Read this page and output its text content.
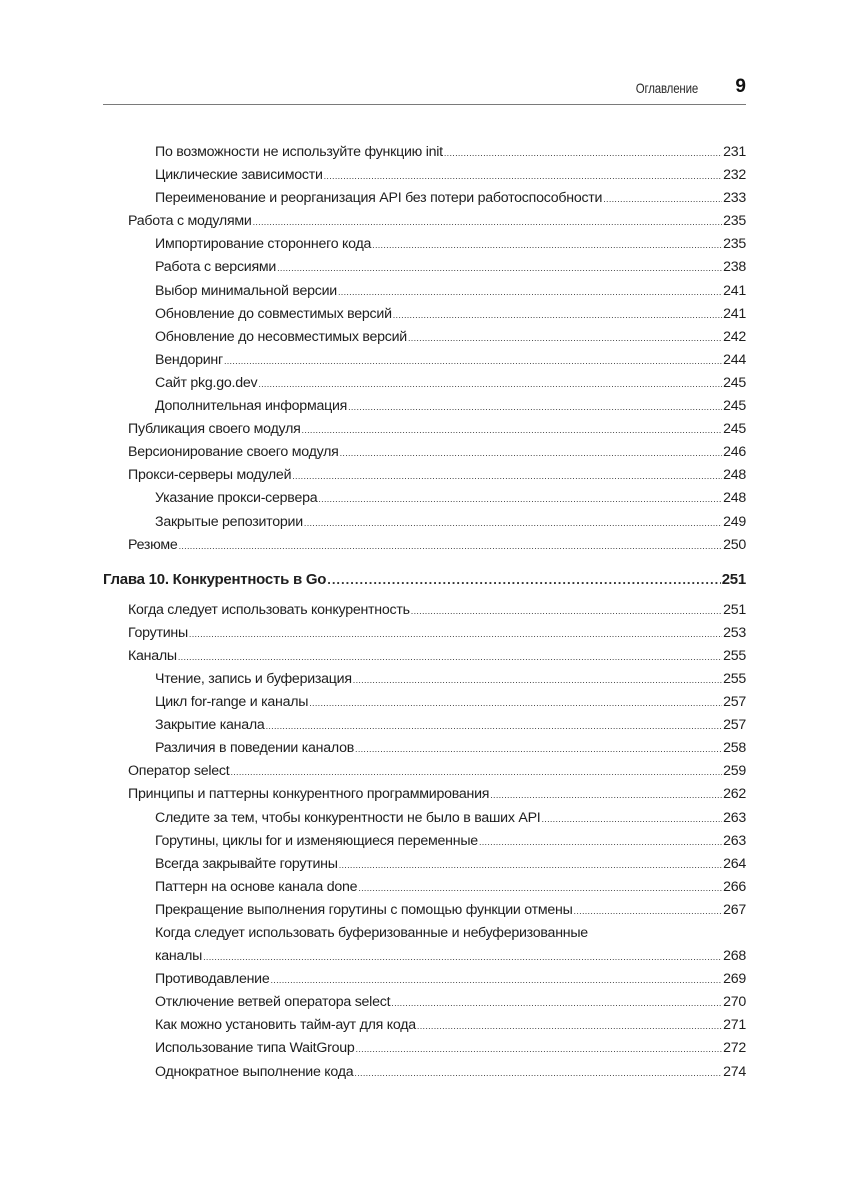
Оглавление 9
По возможности не используйте функцию init .....	231
Циклические зависимости .....	232
Переименование и реорганизация API без потери работоспособности .....	233
Работа с модулями .....	235
Импортирование стороннего кода .....	235
Работа с версиями .....	238
Выбор минимальной версии .....	241
Обновление до совместимых версий .....	241
Обновление до несовместимых версий .....	242
Вендоринг .....	244
Сайт pkg.go.dev .....	245
Дополнительная информация .....	245
Публикация своего модуля .....	245
Версионирование своего модуля .....	246
Прокси-серверы модулей .....	248
Указание прокси-сервера .....	248
Закрытые репозитории .....	249
Резюме .....	250
Глава 10. Конкурентность в Go .....	251
Когда следует использовать конкурентность .....	251
Горутины .....	253
Каналы .....	255
Чтение, запись и буферизация .....	255
Цикл for-range и каналы .....	257
Закрытие канала .....	257
Различия в поведении каналов .....	258
Оператор select .....	259
Принципы и паттерны конкурентного программирования .....	262
Следите за тем, чтобы конкурентности не было в ваших API .....	263
Горутины, циклы for и изменяющиеся переменные .....	263
Всегда закрывайте горутины .....	264
Паттерн на основе канала done .....	266
Прекращение выполнения горутины с помощью функции отмены .....	267
Когда следует использовать буферизованные и небуферизованные
каналы .....	268
Противодавление .....	269
Отключение ветвей оператора select .....	270
Как можно установить тайм-аут для кода .....	271
Использование типа WaitGroup .....	272
Однократное выполнение кода .....	274
